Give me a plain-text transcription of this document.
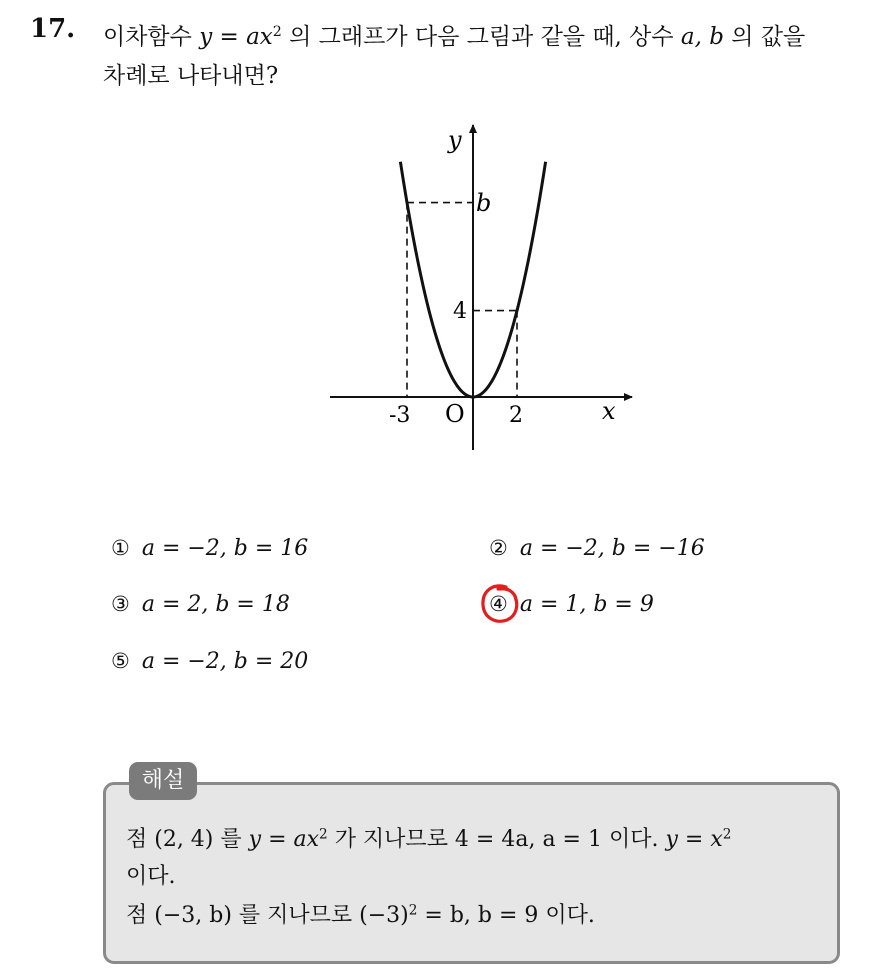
17. 이차함수 $y = ax^2$ 의 그래프가 다음 그림과 같을 때, 상수 a, b 의 값을
차례로 나타내면?
y
x
O
-3	2
4
b
① a = −2, b = 16	② a = −2, b = −16
③ a = 2, b = 18	④ a = 1, b = 9
⑤ a = −2, b = 20
해설
점 (2, 4) 를 $y = ax^2$ 가 지나므로 4 = 4a, a = 1 이다. $y = x^2$
이다.
점 (−3, b) 를 지나므로 $(-3)^2 = b$, b = 9 이다.
